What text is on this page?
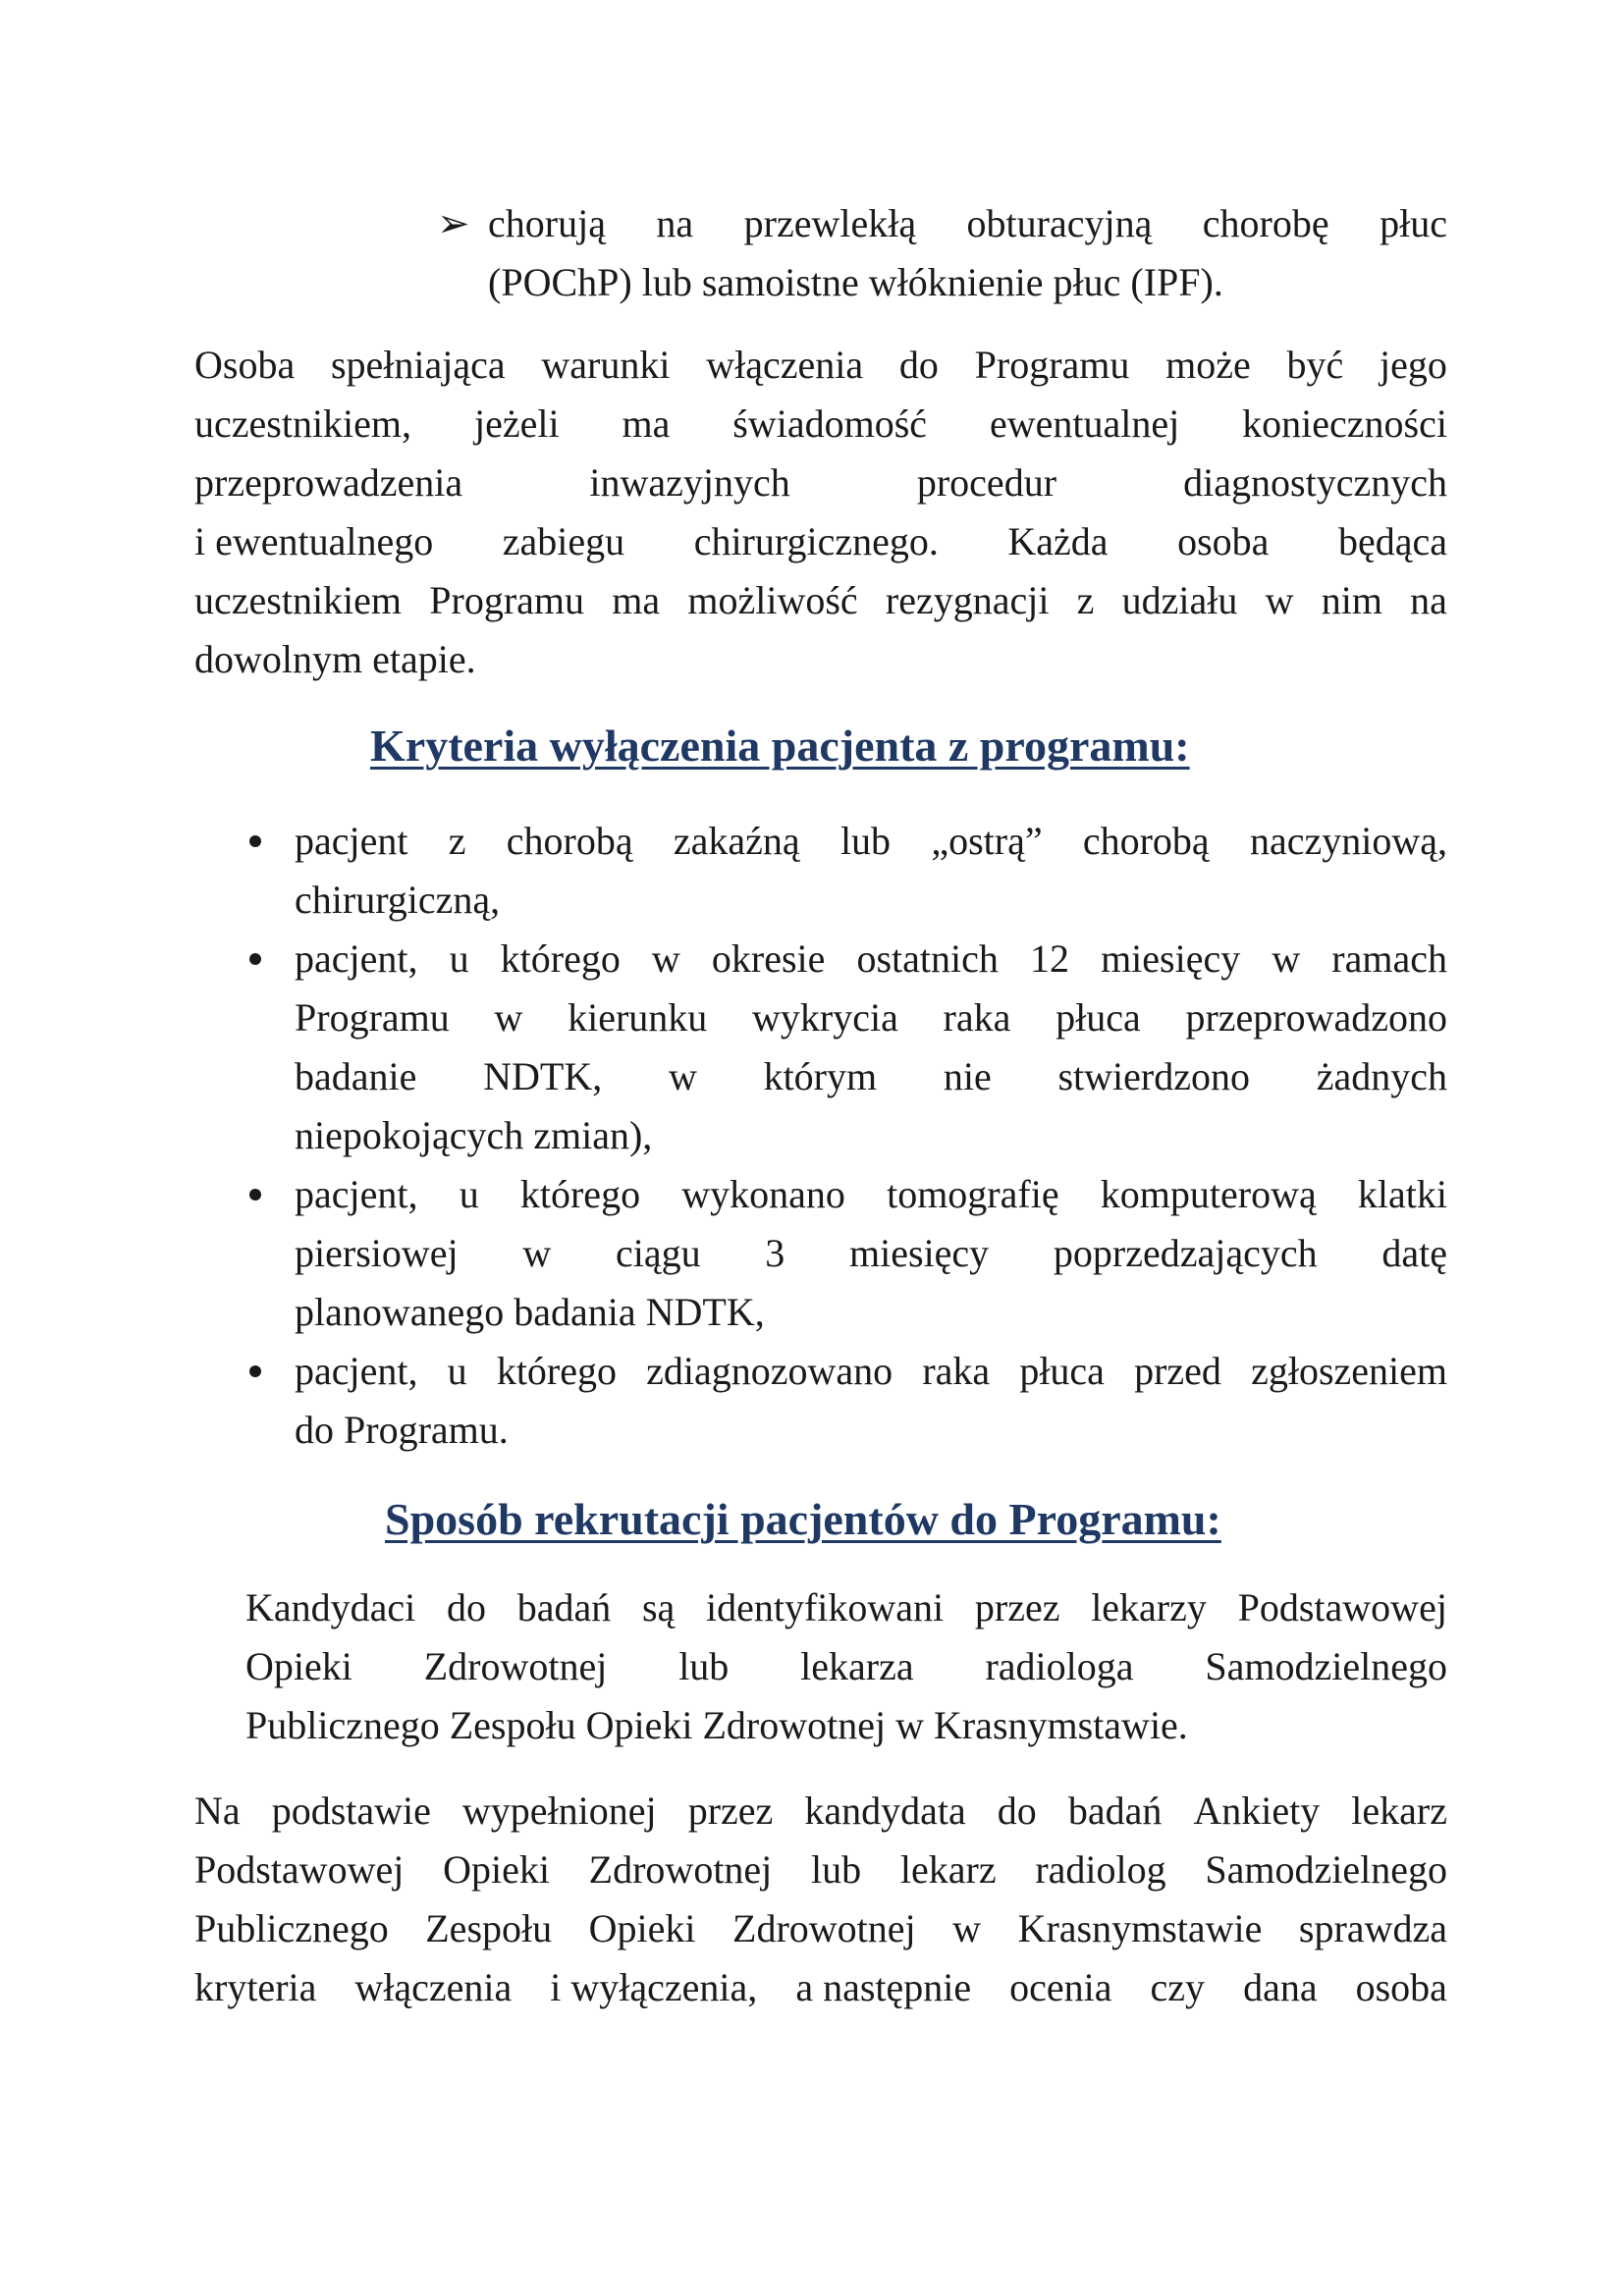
➢ chorują na przewlekłą obturacyjną chorobę płuc
(POChP) lub samoistne włóknienie płuc (IPF).
Osoba spełniająca warunki włączenia do Programu może być jego
uczestnikiem, jeżeli ma świadomość ewentualnej konieczności
przeprowadzenia	inwazyjnych	procedur	diagnostycznych
i ewentualnego zabiegu chirurgicznego. Każda osoba będąca
uczestnikiem Programu ma możliwość rezygnacji z udziału w nim na
dowolnym etapie.
Kryteria wyłączenia pacjenta z programu:
pacjent z chorobą zakaźną lub „ostrą” chorobą naczyniową,
chirurgiczną,
pacjent, u którego w okresie ostatnich 12 miesięcy w ramach
Programu w kierunku wykrycia raka płuca przeprowadzono
badanie NDTK, w którym nie stwierdzono żadnych
niepokojących zmian),
pacjent, u którego wykonano tomografię komputerową klatki
piersiowej w ciągu 3 miesięcy poprzedzających datę
planowanego badania NDTK,
pacjent, u którego zdiagnozowano raka płuca przed zgłoszeniem
do Programu.
Sposób rekrutacji pacjentów do Programu:
Kandydaci do badań są identyfikowani przez lekarzy Podstawowej
Opieki Zdrowotnej lub lekarza radiologa Samodzielnego
Publicznego Zespołu Opieki Zdrowotnej w Krasnymstawie.
Na podstawie wypełnionej przez kandydata do badań Ankiety lekarz
Podstawowej Opieki Zdrowotnej lub lekarz radiolog Samodzielnego
Publicznego Zespołu Opieki Zdrowotnej w Krasnymstawie sprawdza
kryteria włączenia i wyłączenia, a następnie ocenia czy dana osoba
